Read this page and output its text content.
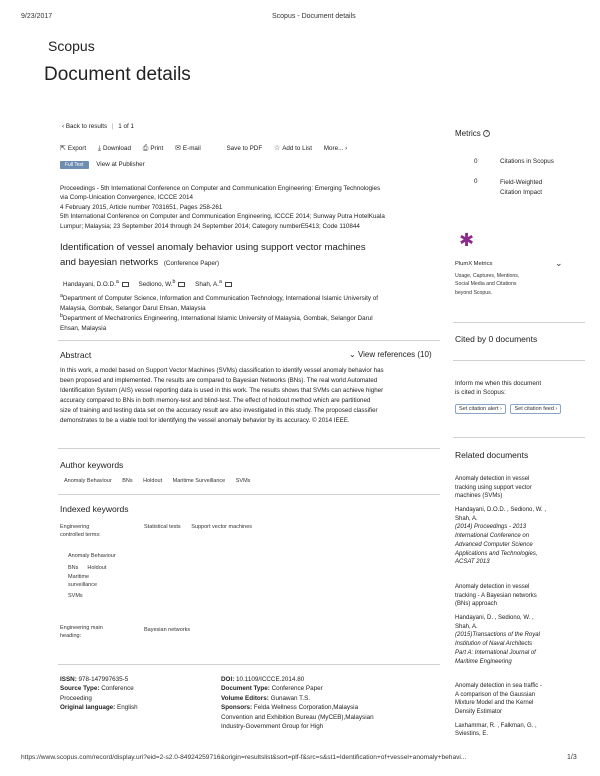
9/23/2017	Scopus - Document details
Scopus
Document details
‹ Back to results | 1 of 1
⇱ Export ⤓ Download ⎙ Print ✉ E-mail	Save to PDF ☆ Add to List More... ›
Full Text View at Publisher
Proceedings - 5th International Conference on Computer and Communication Engineering: Emerging Technologies
via Comp-Unication Convergence, ICCCE 2014
4 February 2015, Article number 7031651, Pages 258-261
5th International Conference on Computer and Communication Engineering, ICCCE 2014; Sunway Putra HotelKuala
Lumpur; Malaysia; 23 September 2014 through 24 September 2014; Category numberE5413; Code 110844
Identification of vessel anomaly behavior using support vector machines
and bayesian networks (Conference Paper)
Handayani, D.O.D.$^a$	Sediono, W.$^b$	Shah, A.$^a$
$^a$Department of Computer Science, Information and Communication Technology, International Islamic University of
Malaysia, Gombak, Selangor Darul Ehsan, Malaysia
$^b$Department of Mechatronics Engineering, International Islamic University of Malaysia, Gombak, Selangor Darul
Ehsan, Malaysia
Abstract	⌄ View references (10)
In this work, a model based on Support Vector Machines (SVMs) classification to identify vessel anomaly behavior has
been proposed and implemented. The results are compared to Bayesian Networks (BNs). The real world Automated
Identification System (AIS) vessel reporting data is used in this work. The results shows that SVMs can achieve higher
accuracy compared to BNs in both memory-test and blind-test. The effect of holdout method which are partitioned
size of training and testing data set on the accuracy result are also investigated in this study. The proposed classifier
demonstrates to be a viable tool for identifying the vessel anomaly behavior by its accuracy. © 2014 IEEE.
Author keywords
Anomaly Behaviour BNs Holdout Maritime Surveillance SVMs
Indexed keywords
Engineering
controlled terms:
Statistical tests Support vector machines
Anomaly Behaviour
BNs Holdout
Maritime
surveillance
SVMs
Engineering main
heading:
Bayesian networks
ISSN: 978-147997635-5
Source Type: Conference
Proceeding
Original language: English
DOI: 10.1109/ICCCE.2014.80
Document Type: Conference Paper
Volume Editors: Gunawan T.S.
Sponsors: Felda Wellness Corporation,Malaysia
Convention and Exhibition Bureau (MyCEB),Malaysian
Industry-Government Group for High
Metrics ?
0	Citations in Scopus
0	Field-Weighted
Citation Impact
✱
PlumX Metrics	⌄
Usage, Captures, Mentions,
Social Media and Citations
beyond Scopus.
Cited by 0 documents
Inform me when this document
is cited in Scopus:
Set citation alert › Set citation feed ›
Related documents
Anomaly detection in vessel
tracking using support vector
machines (SVMs)
Handayani, D.O.D. , Sediono, W. ,
Shah, A.
(2014) Proceedings - 2013
International Conference on
Advanced Computer Science
Applications and Technologies,
ACSAT 2013
Anomaly detection in vessel
tracking - A Bayesian networks
(BNs) approach
Handayani, D. , Sediono, W. ,
Shah, A.
(2015)Transactions of the Royal
Institution of Naval Architects
Part A: International Journal of
Maritime Engineering
Anomaly detection in sea traffic -
A comparison of the Gaussian
Mixture Model and the Kernel
Density Estimator
Laxhammar, R. , Falkman, G. ,
Sviestins, E.
https://www.scopus.com/record/display.uri?eid=2-s2.0-84924259716&origin=resultslist&sort=plf-f&src=s&st1=Identification+of+vessel+anomaly+behavi...	1/3
